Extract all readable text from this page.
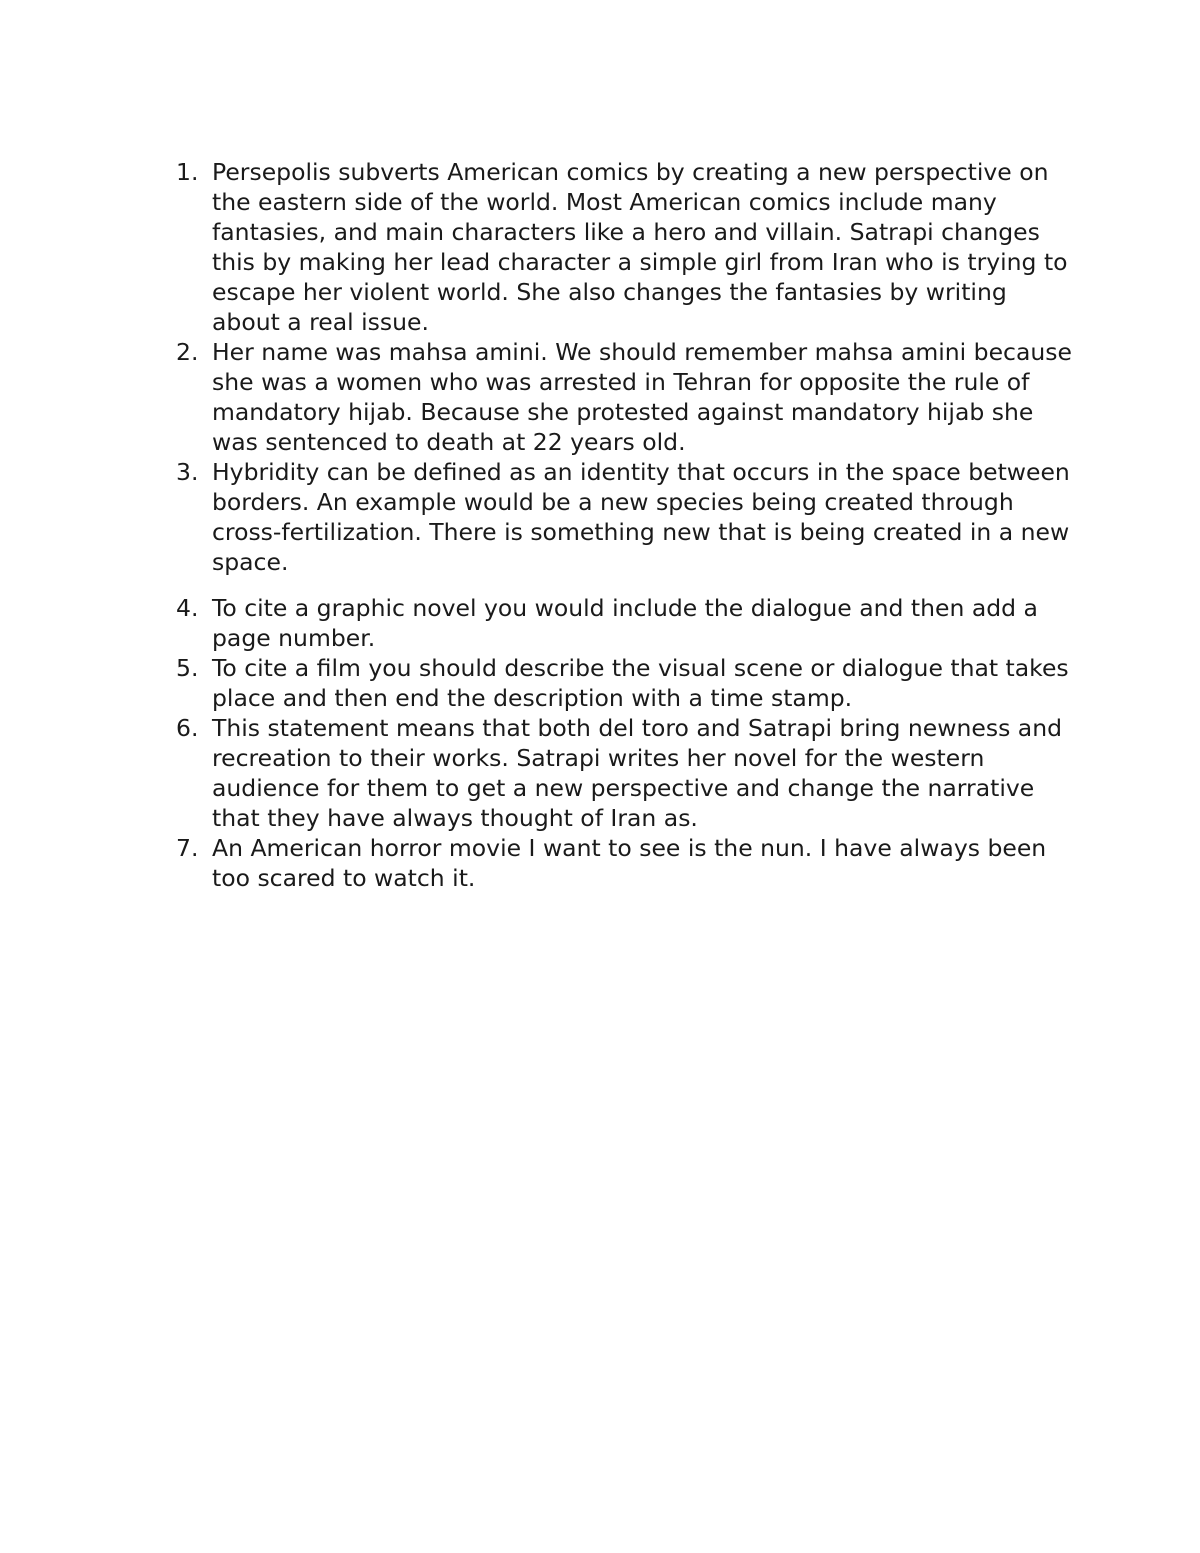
1. Persepolis subverts American comics by creating a new perspective on the eastern side of the world. Most American comics include many fantasies, and main characters like a hero and villain. Satrapi changes this by making her lead character a simple girl from Iran who is trying to escape her violent world. She also changes the fantasies by writing about a real issue.
2. Her name was mahsa amini. We should remember mahsa amini because she was a women who was arrested in Tehran for opposite the rule of mandatory hijab. Because she protested against mandatory hijab she was sentenced to death at 22 years old.
3. Hybridity can be defined as an identity that occurs in the space between borders. An example would be a new species being created through cross-fertilization. There is something new that is being created in a new space.
4. To cite a graphic novel you would include the dialogue and then add a page number.
5. To cite a film you should describe the visual scene or dialogue that takes place and then end the description with a time stamp.
6. This statement means that both del toro and Satrapi bring newness and recreation to their works. Satrapi writes her novel for the western audience for them to get a new perspective and change the narrative that they have always thought of Iran as.
7. An American horror movie I want to see is the nun. I have always been too scared to watch it.
